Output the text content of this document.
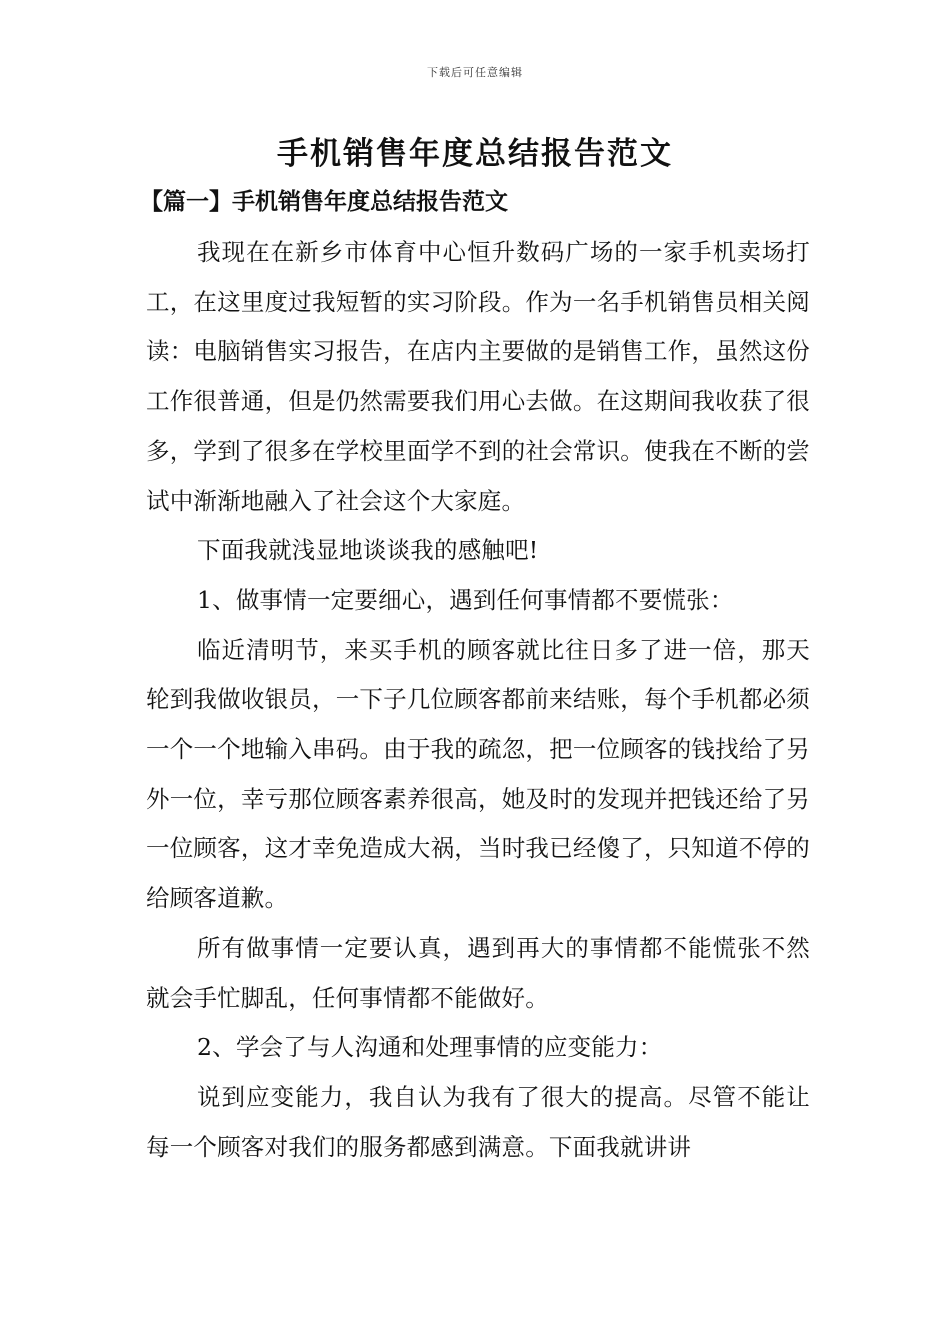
下载后可任意编辑
手机销售年度总结报告范文
【篇一】手机销售年度总结报告范文

我现在在新乡市体育中心恒升数码广场的一家手机卖场打工，在这里度过我短暂的实习阶段。作为一名手机销售员相关阅读：电脑销售实习报告，在店内主要做的是销售工作，虽然这份工作很普通，但是仍然需要我们用心去做。在这期间我收获了很多，学到了很多在学校里面学不到的社会常识。使我在不断的尝试中渐渐地融入了社会这个大家庭。

下面我就浅显地谈谈我的感触吧!

1、做事情一定要细心，遇到任何事情都不要慌张：

临近清明节，来买手机的顾客就比往日多了进一倍，那天轮到我做收银员，一下子几位顾客都前来结账，每个手机都必须一个一个地输入串码。由于我的疏忽，把一位顾客的钱找给了另外一位，幸亏那位顾客素养很高，她及时的发现并把钱还给了另一位顾客，这才幸免造成大祸，当时我已经傻了，只知道不停的给顾客道歉。

所有做事情一定要认真，遇到再大的事情都不能慌张不然就会手忙脚乱，任何事情都不能做好。

2、学会了与人沟通和处理事情的应变能力：

说到应变能力，我自认为我有了很大的提高。尽管不能让每一个顾客对我们的服务都感到满意。下面我就讲讲
